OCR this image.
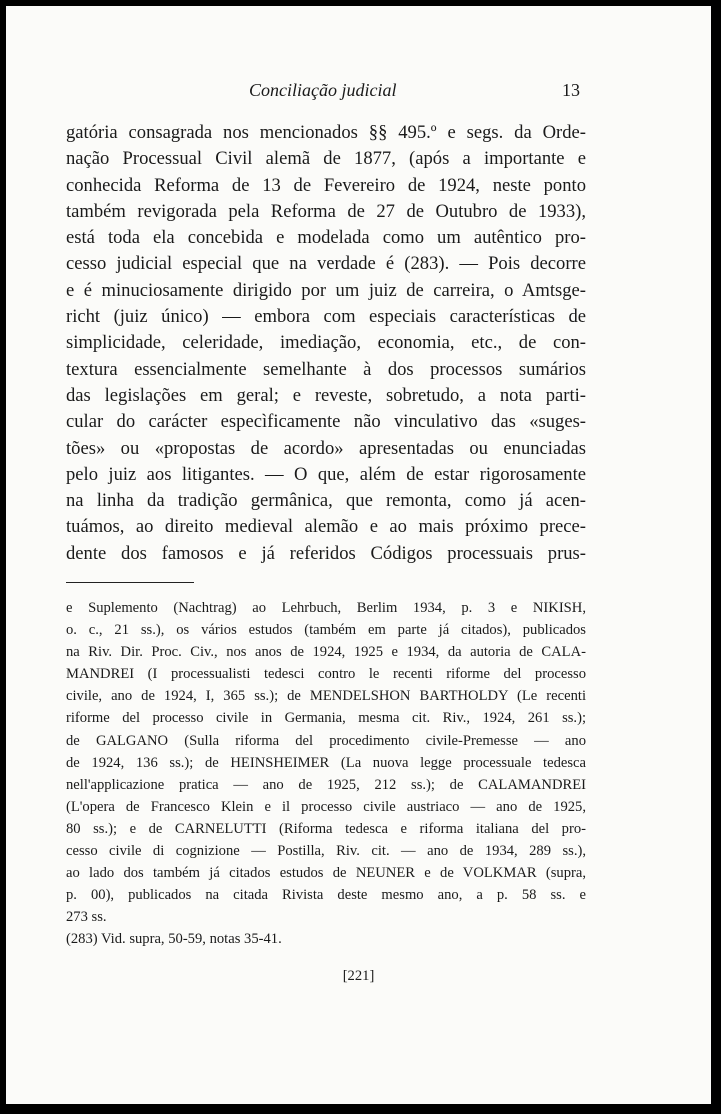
Conciliação judicial	13
gatória consagrada nos mencionados §§ 495.º e segs. da Orde-
nação Processual Civil alemã de 1877, (após a importante e
conhecida Reforma de 13 de Fevereiro de 1924, neste ponto
também revigorada pela Reforma de 27 de Outubro de 1933),
está toda ela concebida e modelada como um autêntico pro-
cesso judicial especial que na verdade é (283). — Pois decorre
e é minuciosamente dirigido por um juiz de carreira, o Amtsge-
richt (juiz único) — embora com especiais características de
simplicidade, celeridade, imediação, economia, etc., de con-
textura essencialmente semelhante à dos processos sumários
das legislações em geral; e reveste, sobretudo, a nota parti-
cular do carácter especìficamente não vinculativo das «suges-
tões» ou «propostas de acordo» apresentadas ou enunciadas
pelo juiz aos litigantes. — O que, além de estar rigorosamente
na linha da tradição germânica, que remonta, como já acen-
tuámos, ao direito medieval alemão e ao mais próximo prece-
dente dos famosos e já referidos Códigos processuais prus-
e Suplemento (Nachtrag) ao Lehrbuch, Berlim 1934, p. 3 e NIKISH,
o. c., 21 ss.), os vários estudos (também em parte já citados), publicados
na Riv. Dir. Proc. Civ., nos anos de 1924, 1925 e 1934, da autoria de CALA-
MANDREI (I processualisti tedesci contro le recenti riforme del processo
civile, ano de 1924, I, 365 ss.); de MENDELSHON BARTHOLDY (Le recenti
riforme del processo civile in Germania, mesma cit. Riv., 1924, 261 ss.);
de GALGANO (Sulla riforma del procedimento civile-Premesse — ano
de 1924, 136 ss.); de HEINSHEIMER (La nuova legge processuale tedesca
nell'applicazione pratica — ano de 1925, 212 ss.); de CALAMANDREI
(L'opera de Francesco Klein e il processo civile austriaco — ano de 1925,
80 ss.); e de CARNELUTTI (Riforma tedesca e riforma italiana del pro-
cesso civile di cognizione — Postilla, Riv. cit. — ano de 1934, 289 ss.),
ao lado dos também já citados estudos de NEUNER e de VOLKMAR (supra,
p. 00), publicados na citada Rivista deste mesmo ano, a p. 58 ss. e
273 ss.
(283) Vid. supra, 50-59, notas 35-41.
[221]
